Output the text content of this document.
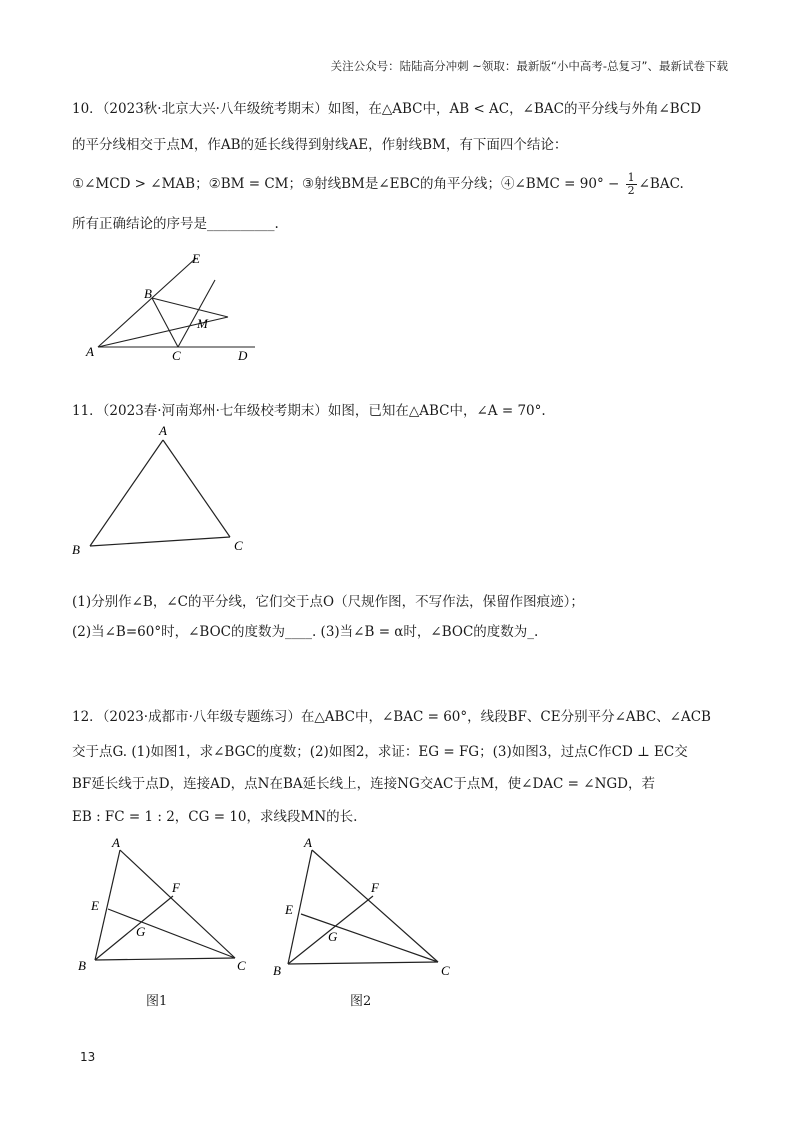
关注公众号：陆陆高分冲刺 ~领取：最新版“小中高考-总复习”、最新试卷下载
10．（2023秋·北京大兴·八年级统考期末）如图，在△ABC中，AB < AC，∠BAC的平分线与外角∠BCD
的平分线相交于点M，作AB的延长线得到射线AE，作射线BM，有下面四个结论：
①∠MCD > ∠MAB；②BM = CM；③射线BM是∠EBC的角平分线；④∠BMC = $90^\circ - \frac{1}{2}$ ∠BAC.
所有正确结论的序号是__________.
E
B
M
A	C	D
11．（2023春·河南郑州·七年级校考期末）如图，已知在△ABC中，∠A = 70°.
A
B	C
(1)分别作∠B，∠C的平分线，它们交于点O（尺规作图，不写作法，保留作图痕迹）；
(2)当∠B=60°时，∠BOC的度数为____. (3)当∠B = α时，∠BOC的度数为_.
12．（2023·成都市·八年级专题练习）在△ABC中，∠BAC = 60°，线段BF、CE分别平分∠ABC、∠ACB
交于点G. (1)如图1，求∠BGC的度数；(2)如图2，求证：EG = FG；(3)如图3，过点C作CD ⊥ EC交
BF延长线于点D，连接AD，点N在BA延长线上，连接NG交AC于点M，使∠DAC = ∠NGD，若
EB : FC = 1 : 2，CG = 10，求线段MN的长.
A
E
F
G
B	C
图1
A
E
F
G
B	C
图2
13
